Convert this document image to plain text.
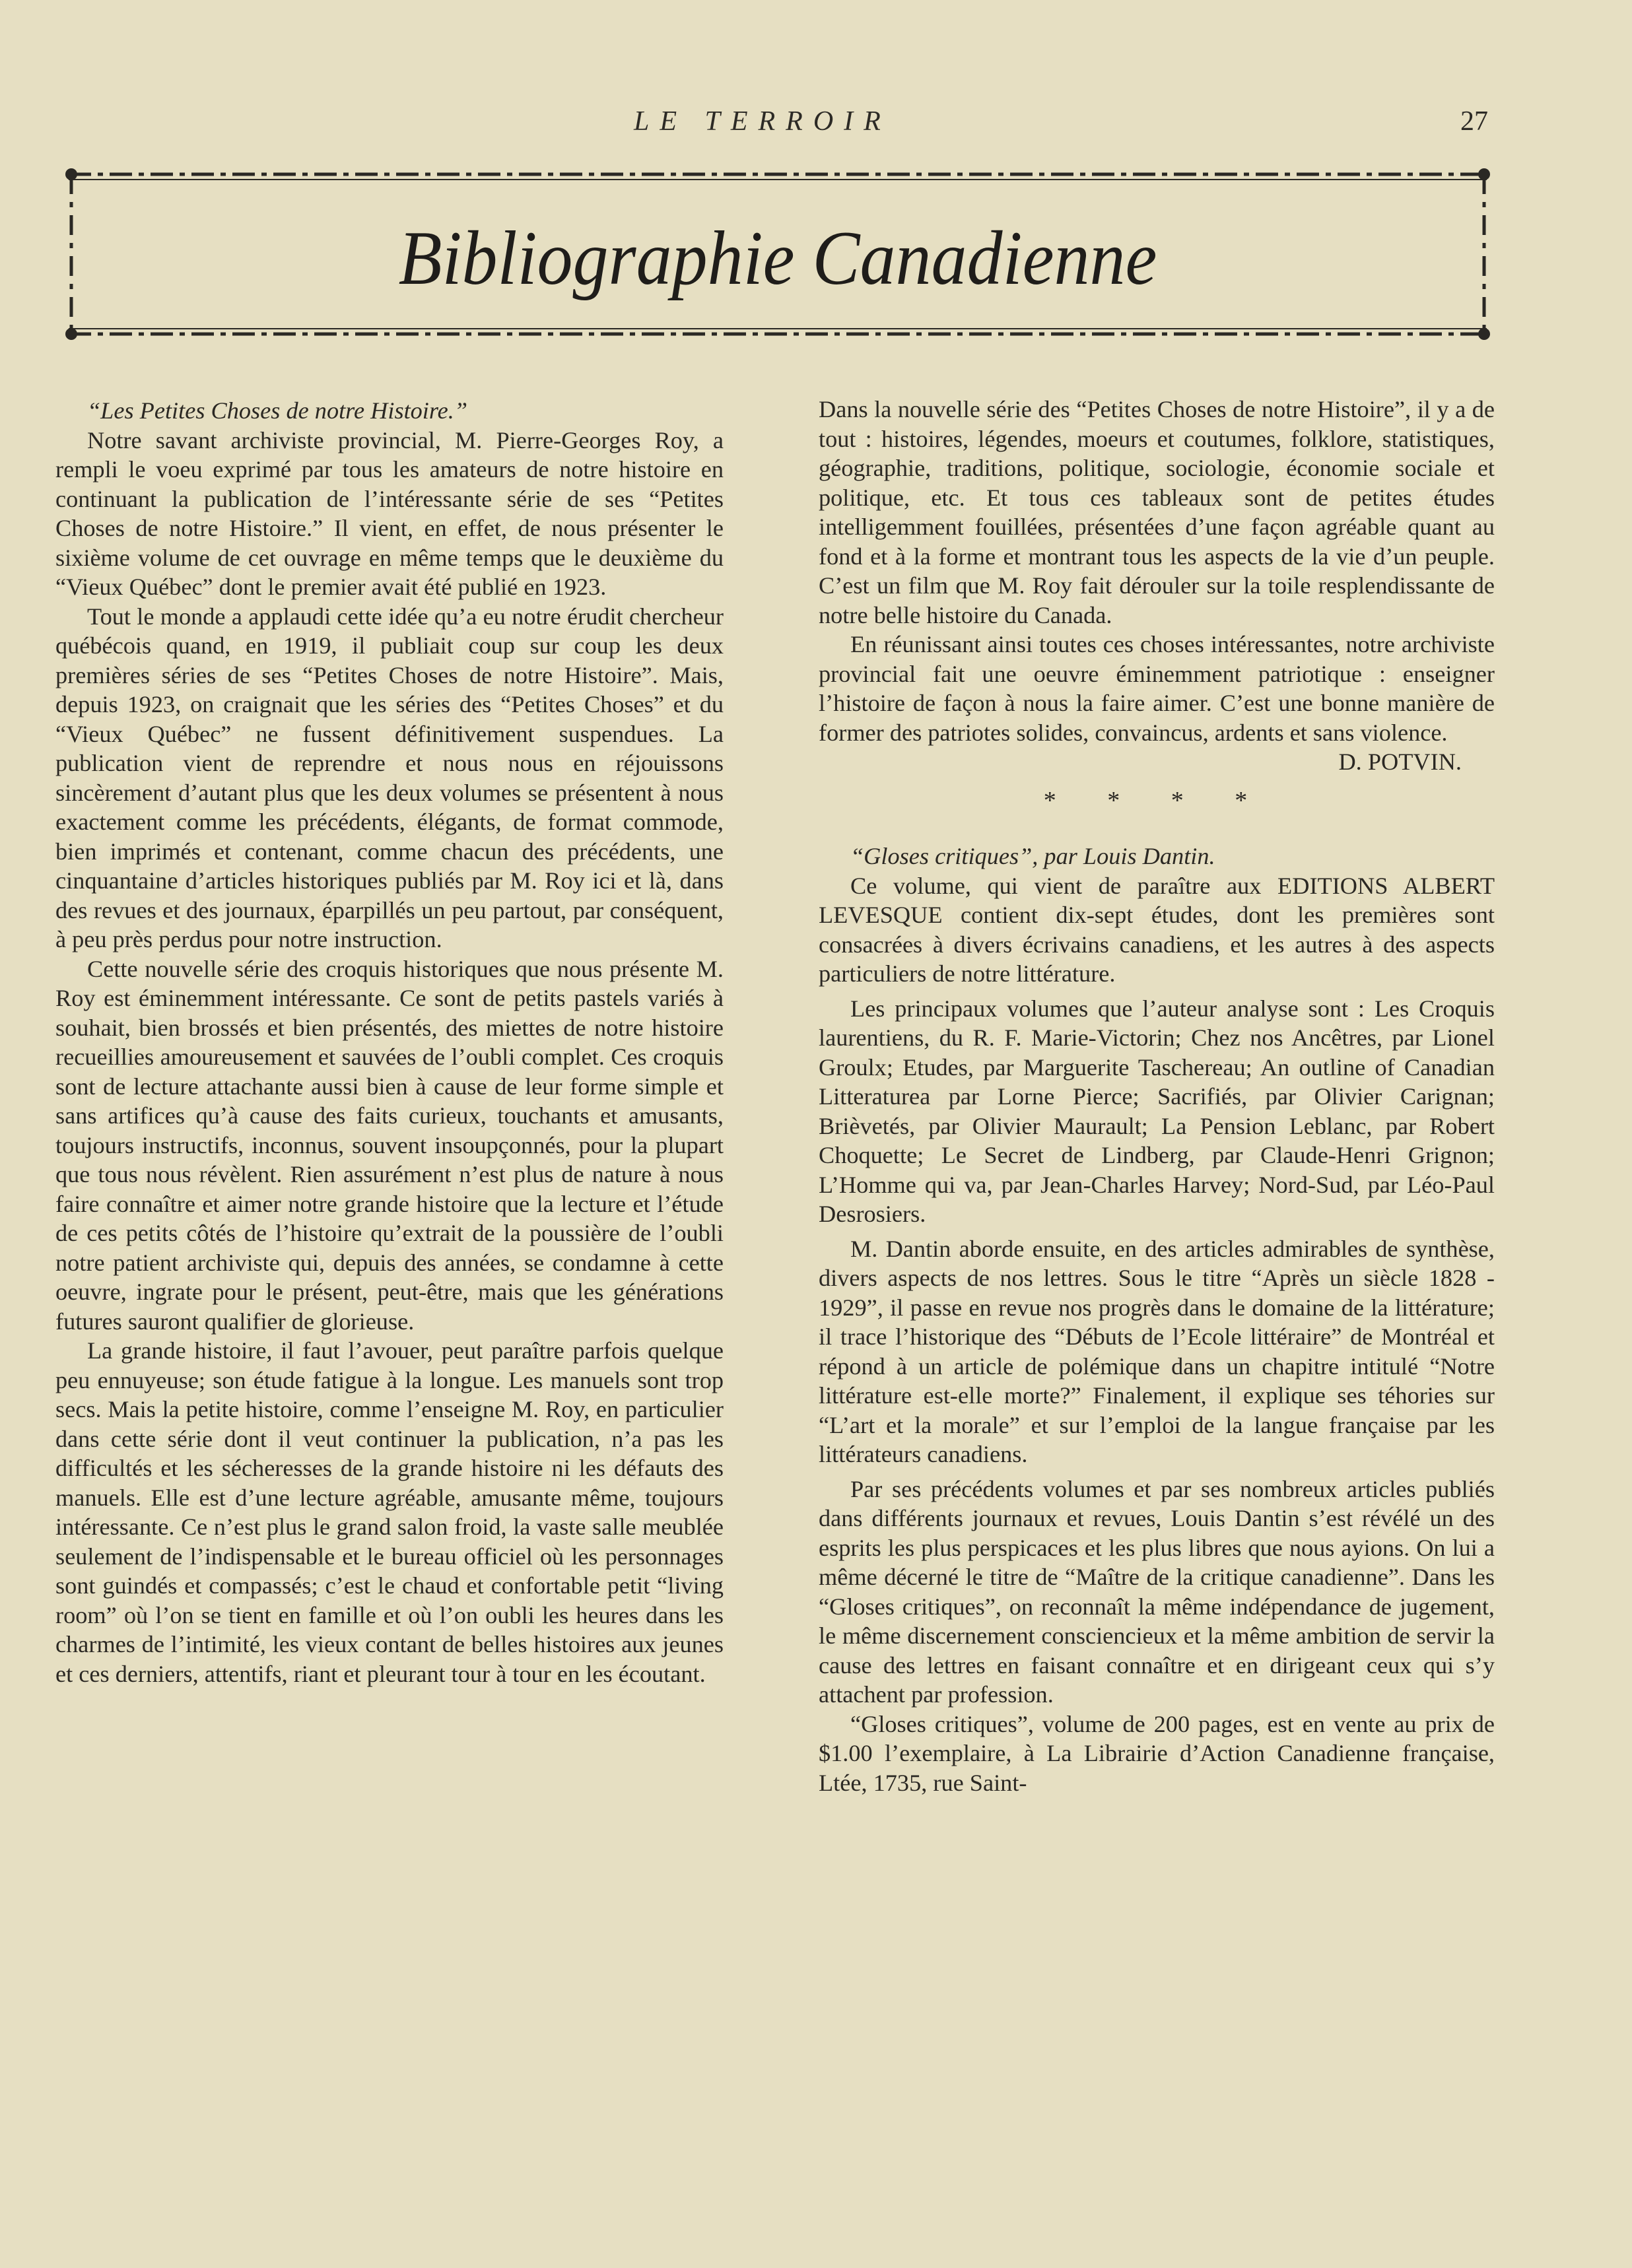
LE TERROIR	27
Bibliographie Canadienne

“Les Petites Choses de notre Histoire.”

Notre savant archiviste provincial, M. Pierre-Georges Roy, a rempli le voeu exprimé par tous les amateurs de notre histoire en continuant la publication de l’intéressante série de ses “Petites Choses de notre Histoire.” Il vient, en effet, de nous présenter le sixième volume de cet ouvrage en même temps que le deuxième du “Vieux Québec” dont le premier avait été publié en 1923.

Tout le monde a applaudi cette idée qu’a eu notre érudit chercheur québécois quand, en 1919, il publiait coup sur coup les deux premières séries de ses “Petites Choses de notre Histoire”. Mais, depuis 1923, on craignait que les séries des “Petites Choses” et du “Vieux Québec” ne fussent définitivement suspendues. La publication vient de reprendre et nous nous en réjouissons sincèrement d’autant plus que les deux volumes se présentent à nous exactement comme les précédents, élégants, de format commode, bien imprimés et contenant, comme chacun des précédents, une cinquantaine d’articles historiques publiés par M. Roy ici et là, dans des revues et des journaux, éparpillés un peu partout, par conséquent, à peu près perdus pour notre instruction.

Cette nouvelle série des croquis historiques que nous présente M. Roy est éminemment intéressante. Ce sont de petits pastels variés à souhait, bien brossés et bien présentés, des miettes de notre histoire recueillies amoureusement et sauvées de l’oubli complet. Ces croquis sont de lecture attachante aussi bien à cause de leur forme simple et sans artifices qu’à cause des faits curieux, touchants et amusants, toujours instructifs, inconnus, souvent insoupçonnés, pour la plupart que tous nous révèlent. Rien assurément n’est plus de nature à nous faire connaître et aimer notre grande histoire que la lecture et l’étude de ces petits côtés de l’histoire qu’extrait de la poussière de l’oubli notre patient archiviste qui, depuis des années, se condamne à cette oeuvre, ingrate pour le présent, peut-être, mais que les générations futures sauront qualifier de glorieuse.

La grande histoire, il faut l’avouer, peut paraître parfois quelque peu ennuyeuse; son étude fatigue à la longue. Les manuels sont trop secs. Mais la petite histoire, comme l’enseigne M. Roy, en particulier dans cette série dont il veut continuer la publication, n’a pas les difficultés et les sécheresses de la grande histoire ni les défauts des manuels. Elle est d’une lecture agréable, amusante même, toujours intéressante. Ce n’est plus le grand salon froid, la vaste salle meublée seulement de l’indispensable et le bureau officiel où les personnages sont guindés et compassés; c’est le chaud et confortable petit “living room” où l’on se tient en famille et où l’on oubli les heures dans les charmes de l’intimité, les vieux contant de belles histoires aux jeunes et ces derniers, attentifs, riant et pleurant tour à tour en les écoutant.

Dans la nouvelle série des “Petites Choses de notre Histoire”, il y a de tout : histoires, légendes, moeurs et coutumes, folklore, statistiques, géographie, traditions, politique, sociologie, économie sociale et politique, etc. Et tous ces tableaux sont de petites études intelligemment fouillées, présentées d’une façon agréable quant au fond et à la forme et montrant tous les aspects de la vie d’un peuple. C’est un film que M. Roy fait dérouler sur la toile resplendissante de notre belle histoire du Canada.

En réunissant ainsi toutes ces choses intéressantes, notre archiviste provincial fait une oeuvre éminemment patriotique : enseigner l’histoire de façon à nous la faire aimer. C’est une bonne manière de former des patriotes solides, convaincus, ardents et sans violence.

D. POTVIN.

* * * *

“Gloses critiques”, par Louis Dantin.

Ce volume, qui vient de paraître aux EDITIONS ALBERT LEVESQUE contient dix-sept études, dont les premières sont consacrées à divers écrivains canadiens, et les autres à des aspects particuliers de notre littérature.

Les principaux volumes que l’auteur analyse sont : Les Croquis laurentiens, du R. F. Marie-Victorin; Chez nos Ancêtres, par Lionel Groulx; Etudes, par Marguerite Taschereau; An outline of Canadian Litteraturea par Lorne Pierce; Sacrifiés, par Olivier Carignan; Brièvetés, par Olivier Maurault; La Pension Leblanc, par Robert Choquette; Le Secret de Lindberg, par Claude-Henri Grignon; L’Homme qui va, par Jean-Charles Harvey; Nord-Sud, par Léo-Paul Desrosiers.

M. Dantin aborde ensuite, en des articles admirables de synthèse, divers aspects de nos lettres. Sous le titre “Après un siècle 1828 - 1929”, il passe en revue nos progrès dans le domaine de la littérature; il trace l’historique des “Débuts de l’Ecole littéraire” de Montréal et répond à un article de polémique dans un chapitre intitulé “Notre littérature est-elle morte?” Finalement, il explique ses téhories sur “L’art et la morale” et sur l’emploi de la langue française par les littérateurs canadiens.

Par ses précédents volumes et par ses nombreux articles publiés dans différents journaux et revues, Louis Dantin s’est révélé un des esprits les plus perspicaces et les plus libres que nous ayions. On lui a même décerné le titre de “Maître de la critique canadienne”. Dans les “Gloses critiques”, on reconnaît la même indépendance de jugement, le même discernement consciencieux et la même ambition de servir la cause des lettres en faisant connaître et en dirigeant ceux qui s’y attachent par profession.

“Gloses critiques”, volume de 200 pages, est en vente au prix de $1.00 l’exemplaire, à La Librairie d’Action Canadienne française, Ltée, 1735, rue Saint-
